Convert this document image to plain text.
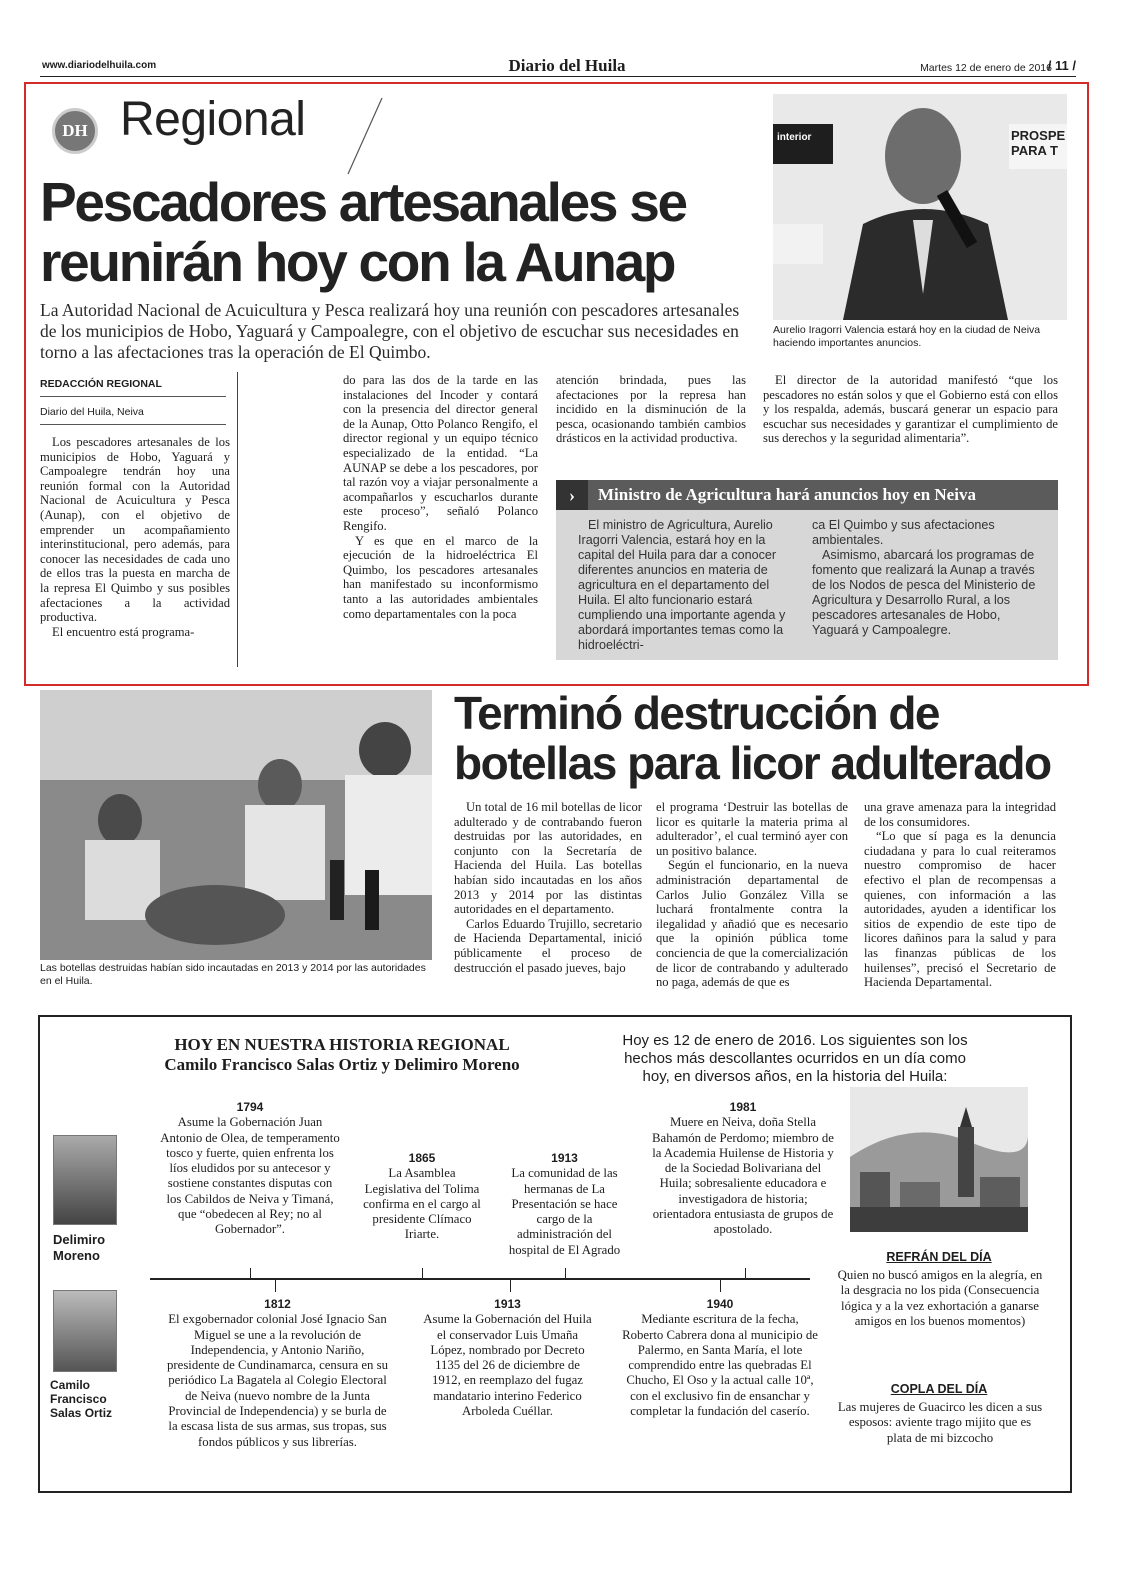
www.diariodelhuila.com	Diario del Huila	Martes 12 de enero de 2016
/ 11 /
DH Regional
Pescadores artesanales se reunirán hoy con la Aunap
La Autoridad Nacional de Acuicultura y Pesca realizará hoy una reunión con pescadores artesanales de los municipios de Hobo, Yaguará y Campoalegre, con el objetivo de escuchar sus necesidades en torno a las afectaciones tras la operación de El Quimbo.
PROSPE PARA T
interior
Aurelio Iragorri Valencia estará hoy en la ciudad de Neiva haciendo importantes anuncios.
REDACCIÓN REGIONAL
Diario del Huila, Neiva

Los pescadores artesanales de los municipios de Hobo, Yaguará y Campoalegre tendrán hoy una reunión formal con la Autoridad Nacional de Acuicultura y Pesca (Aunap), con el objetivo de emprender un acompañamiento interinstitucional, pero además, para conocer las necesidades de cada uno de ellos tras la puesta en marcha de la represa El Quimbo y sus posibles afectaciones a la actividad productiva.

El encuentro está programa-

do para las dos de la tarde en las instalaciones del Incoder y contará con la presencia del director general de la Aunap, Otto Polanco Rengifo, el director regional y un equipo técnico especializado de la entidad. “La AUNAP se debe a los pescadores, por tal razón voy a viajar personalmente a acompañarlos y escucharlos durante este proceso”, señaló Polanco Rengifo.

Y es que en el marco de la ejecución de la hidroeléctrica El Quimbo, los pescadores artesanales han manifestado su inconformismo tanto a las autoridades ambientales como departamentales con la poca

atención brindada, pues las afectaciones por la represa han incidido en la disminución de la pesca, ocasionando también cambios drásticos en la actividad productiva.

El director de la autoridad manifestó “que los pescadores no están solos y que el Gobierno está con ellos y los respalda, además, buscará generar un espacio para escuchar sus necesidades y garantizar el cumplimiento de sus derechos y la seguridad alimentaria”.

›	Ministro de Agricultura hará anuncios hoy en Neiva

El ministro de Agricultura, Aurelio Iragorri Valencia, estará hoy en la capital del Huila para dar a conocer diferentes anuncios en materia de agricultura en el departamento del Huila. El alto funcionario estará cumpliendo una importante agenda y abordará importantes temas como la hidroeléctri-

ca El Quimbo y sus afectaciones ambientales.

Asimismo, abarcará los programas de fomento que realizará la Aunap a través de los Nodos de pesca del Ministerio de Agricultura y Desarrollo Rural, a los pescadores artesanales de Hobo, Yaguará y Campoalegre.

Las botellas destruidas habían sido incautadas en 2013 y 2014 por las autoridades en el Huila.
Terminó destrucción de botellas para licor adulterado

Un total de 16 mil botellas de licor adulterado y de contrabando fueron destruidas por las autoridades, en conjunto con la Secretaría de Hacienda del Huila. Las botellas habían sido incautadas en los años 2013 y 2014 por las distintas autoridades en el departamento.

Carlos Eduardo Trujillo, secretario de Hacienda Departamental, inició públicamente el proceso de destrucción el pasado jueves, bajo

el programa ‘Destruir las botellas de licor es quitarle la materia prima al adulterador’, el cual terminó ayer con un positivo balance.

Según el funcionario, en la nueva administración departamental de Carlos Julio González Villa se luchará frontalmente contra la ilegalidad y añadió que es necesario que la opinión pública tome conciencia de que la comercialización de licor de contrabando y adulterado no paga, además de que es

una grave amenaza para la integridad de los consumidores.

“Lo que sí paga es la denuncia ciudadana y para lo cual reiteramos nuestro compromiso de hacer efectivo el plan de recompensas a quienes, con información a las autoridades, ayuden a identificar los sitios de expendio de este tipo de licores dañinos para la salud y para las finanzas públicas de los huilenses”, precisó el Secretario de Hacienda Departamental.

HOY EN NUESTRA HISTORIA REGIONAL
Camilo Francisco Salas Ortiz y Delimiro Moreno
Hoy es 12 de enero de 2016. Los siguientes son los hechos más descollantes ocurridos en un día como hoy, en diversos años, en la historia del Huila:
Delimiro Moreno
Camilo Francisco Salas Ortiz
1794
Asume la Gobernación Juan Antonio de Olea, de temperamento tosco y fuerte, quien enfrenta los líos eludidos por su antecesor y sostiene constantes disputas con los Cabildos de Neiva y Timaná, que “obedecen al Rey; no al Gobernador”.
1865
La Asamblea Legislativa del Tolima confirma en el cargo al presidente Clímaco Iriarte.
1913
La comunidad de las hermanas de La Presentación se hace cargo de la administración del hospital de El Agrado
1981
Muere en Neiva, doña Stella Bahamón de Perdomo; miembro de la Academia Huilense de Historia y de la Sociedad Bolivariana del Huila; sobresaliente educadora e investigadora de historia; orientadora entusiasta de grupos de apostolado.
1812
El exgobernador colonial José Ignacio San Miguel se une a la revolución de Independencia, y Antonio Nariño, presidente de Cundinamarca, censura en su periódico La Bagatela al Colegio Electoral de Neiva (nuevo nombre de la Junta Provincial de Independencia) y se burla de la escasa lista de sus armas, sus tropas, sus fondos públicos y sus librerías.
1913
Asume la Gobernación del Huila el conservador Luis Umaña López, nombrado por Decreto 1135 del 26 de diciembre de 1912, en reemplazo del fugaz mandatario interino Federico Arboleda Cuéllar.
1940
Mediante escritura de la fecha, Roberto Cabrera dona al municipio de Palermo, en Santa María, el lote comprendido entre las quebradas El Chucho, El Oso y la actual calle 10ª, con el exclusivo fin de ensanchar y completar la fundación del caserío.
REFRÁN DEL DÍA
Quien no buscó amigos en la alegría, en la desgracia no los pida (Consecuencia lógica y a la vez exhortación a ganarse amigos en los buenos momentos)
COPLA DEL DÍA
Las mujeres de Guacirco les dicen a sus esposos: aviente trago mijito que es plata de mi bizcocho
